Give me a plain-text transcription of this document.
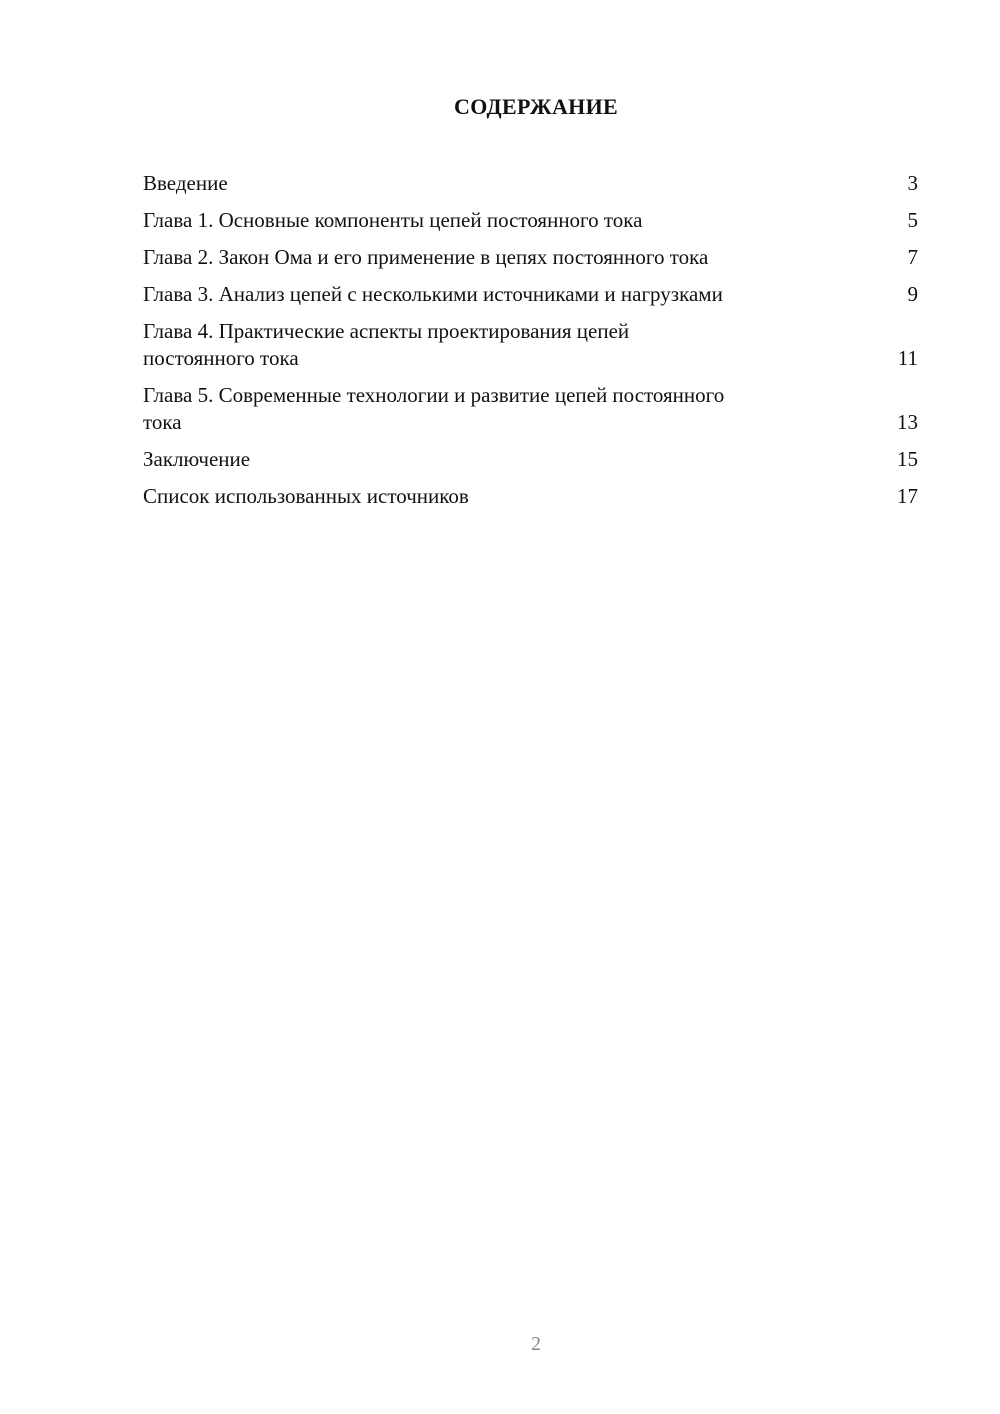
СОДЕРЖАНИЕ
Введение	3
Глава 1. Основные компоненты цепей постоянного тока	5
Глава 2. Закон Ома и его применение в цепях постоянного тока	7
Глава 3. Анализ цепей с несколькими источниками и нагрузками	9
Глава 4. Практические аспекты проектирования цепей постоянного тока	11
Глава 5. Современные технологии и развитие цепей постоянного тока	13
Заключение	15
Список использованных источников	17
2
